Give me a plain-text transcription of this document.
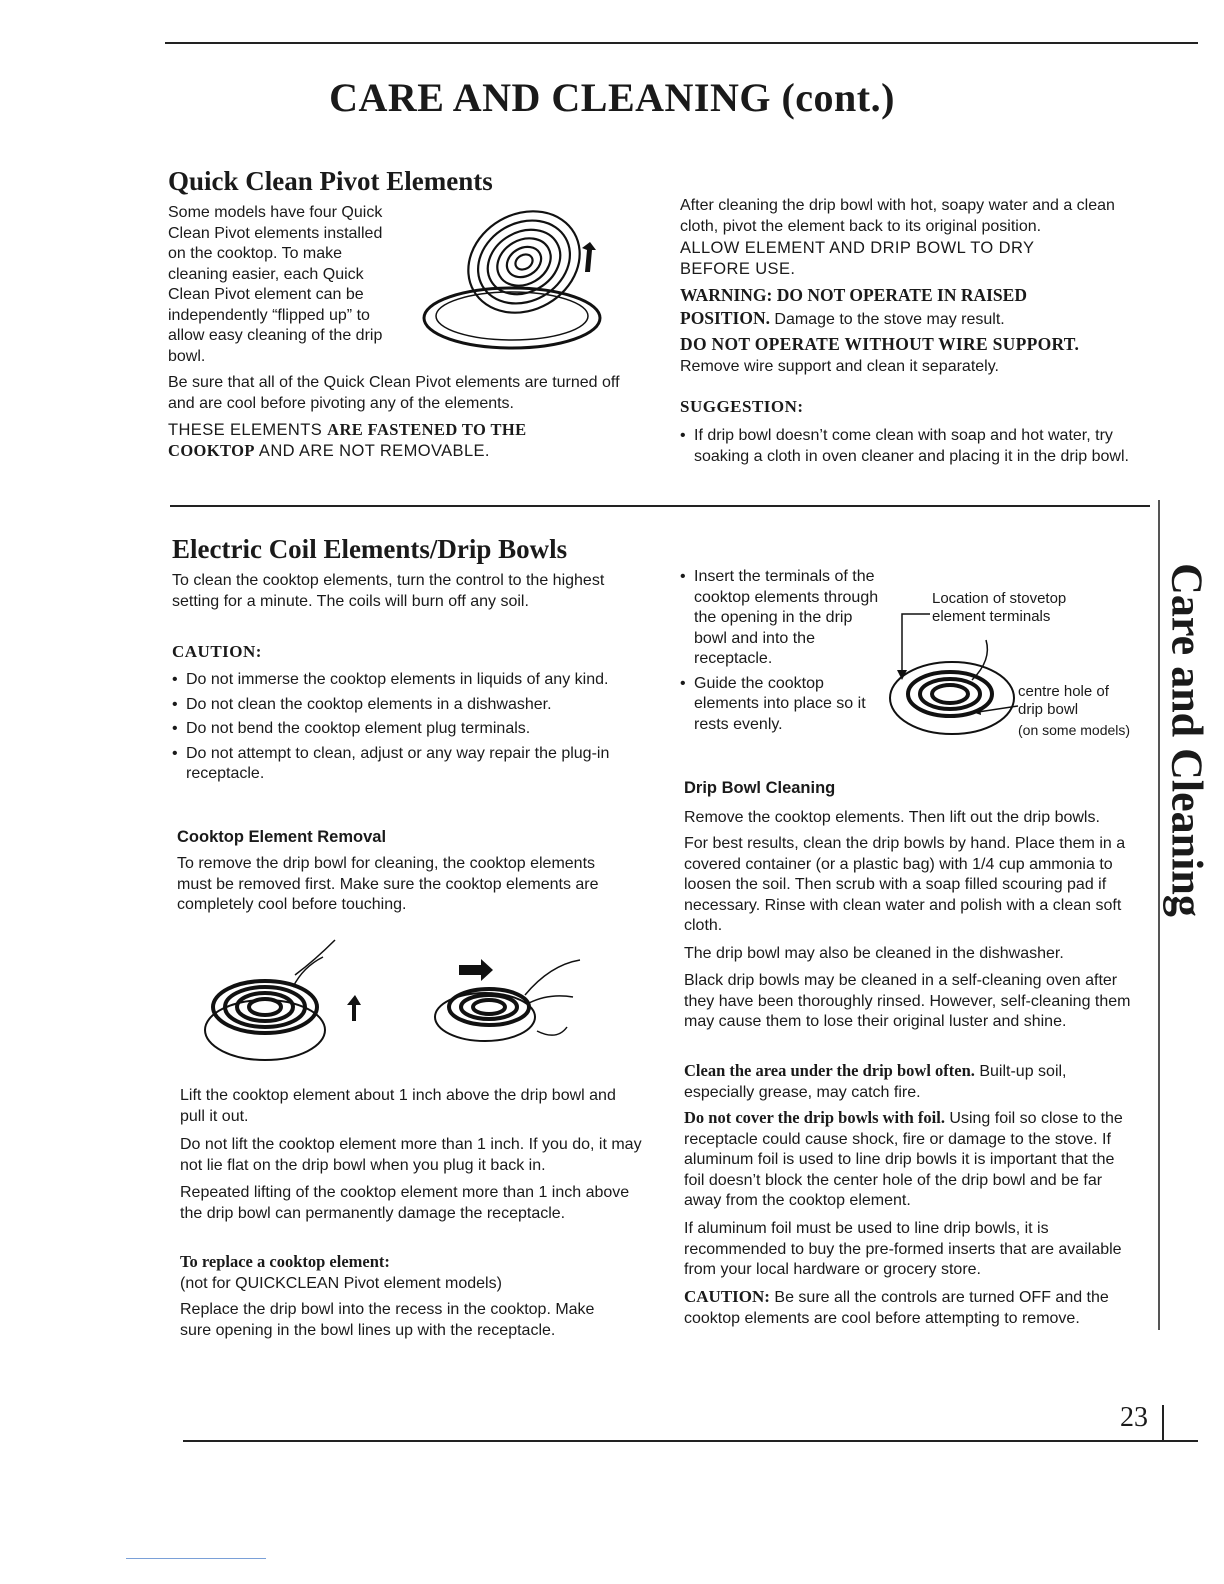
CARE AND CLEANING (cont.)
Quick Clean Pivot Elements
Some models have four Quick
Clean Pivot elements installed
on the cooktop. To make
cleaning easier, each Quick
Clean Pivot element can be
independently “flipped up” to
allow easy cleaning of the drip
bowl.

Be sure that all of the Quick Clean Pivot elements are turned off and are cool before pivoting any of the elements.

THESE ELEMENTS ARE FASTENED TO THE COOKTOP AND ARE NOT REMOVABLE.

After cleaning the drip bowl with hot, soapy water and a clean cloth, pivot the element back to its original position.

ALLOW ELEMENT AND DRIP BOWL TO DRY BEFORE USE.

WARNING: DO NOT OPERATE IN RAISED POSITION. Damage to the stove may result.

DO NOT OPERATE WITHOUT WIRE SUPPORT.

Remove wire support and clean it separately.

SUGGESTION:

• If drip bowl doesn’t come clean with soap and hot water, try soaking a cloth in oven cleaner and placing it in the drip bowl.
Electric Coil Elements/Drip Bowls

To clean the cooktop elements, turn the control to the highest setting for a minute. The coils will burn off any soil.

CAUTION:

• Do not immerse the cooktop elements in liquids of any kind.
• Do not clean the cooktop elements in a dishwasher.
• Do not bend the cooktop element plug terminals.
• Do not attempt to clean, adjust or any way repair the plug-in receptacle.

Cooktop Element Removal

To remove the drip bowl for cleaning, the cooktop elements must be removed first. Make sure the cooktop elements are completely cool before touching.

Lift the cooktop element about 1 inch above the drip bowl and pull it out.

Do not lift the cooktop element more than 1 inch. If you do, it may not lie flat on the drip bowl when you plug it back in.

Repeated lifting of the cooktop element more than 1 inch above the drip bowl can permanently damage the receptacle.

To replace a cooktop element:

(not for QUICKCLEAN Pivot element models)

Replace the drip bowl into the recess in the cooktop. Make sure opening in the bowl lines up with the receptacle.

• Insert the terminals of the cooktop elements through the opening in the drip bowl and into the receptacle.
• Guide the cooktop elements into place so it rests evenly.

Location of stovetop element terminals

centre hole of drip bowl

(on some models)

Drip Bowl Cleaning

Remove the cooktop elements. Then lift out the drip bowls.

For best results, clean the drip bowls by hand. Place them in a covered container (or a plastic bag) with 1/4 cup ammonia to loosen the soil. Then scrub with a soap filled scouring pad if necessary. Rinse with clean water and polish with a clean soft cloth.

The drip bowl may also be cleaned in the dishwasher.

Black drip bowls may be cleaned in a self-cleaning oven after they have been thoroughly rinsed. However, self-cleaning them may cause them to lose their original luster and shine.

Clean the area under the drip bowl often. Built-up soil, especially grease, may catch fire.

Do not cover the drip bowls with foil. Using foil so close to the receptacle could cause shock, fire or damage to the stove. If aluminum foil is used to line drip bowls it is important that the foil doesn’t block the center hole of the drip bowl and be far away from the cooktop element.

If aluminum foil must be used to line drip bowls, it is recommended to buy the pre-formed inserts that are available from your local hardware or grocery store.

CAUTION: Be sure all the controls are turned OFF and the cooktop elements are cool before attempting to remove.

Care and Cleaning
23
